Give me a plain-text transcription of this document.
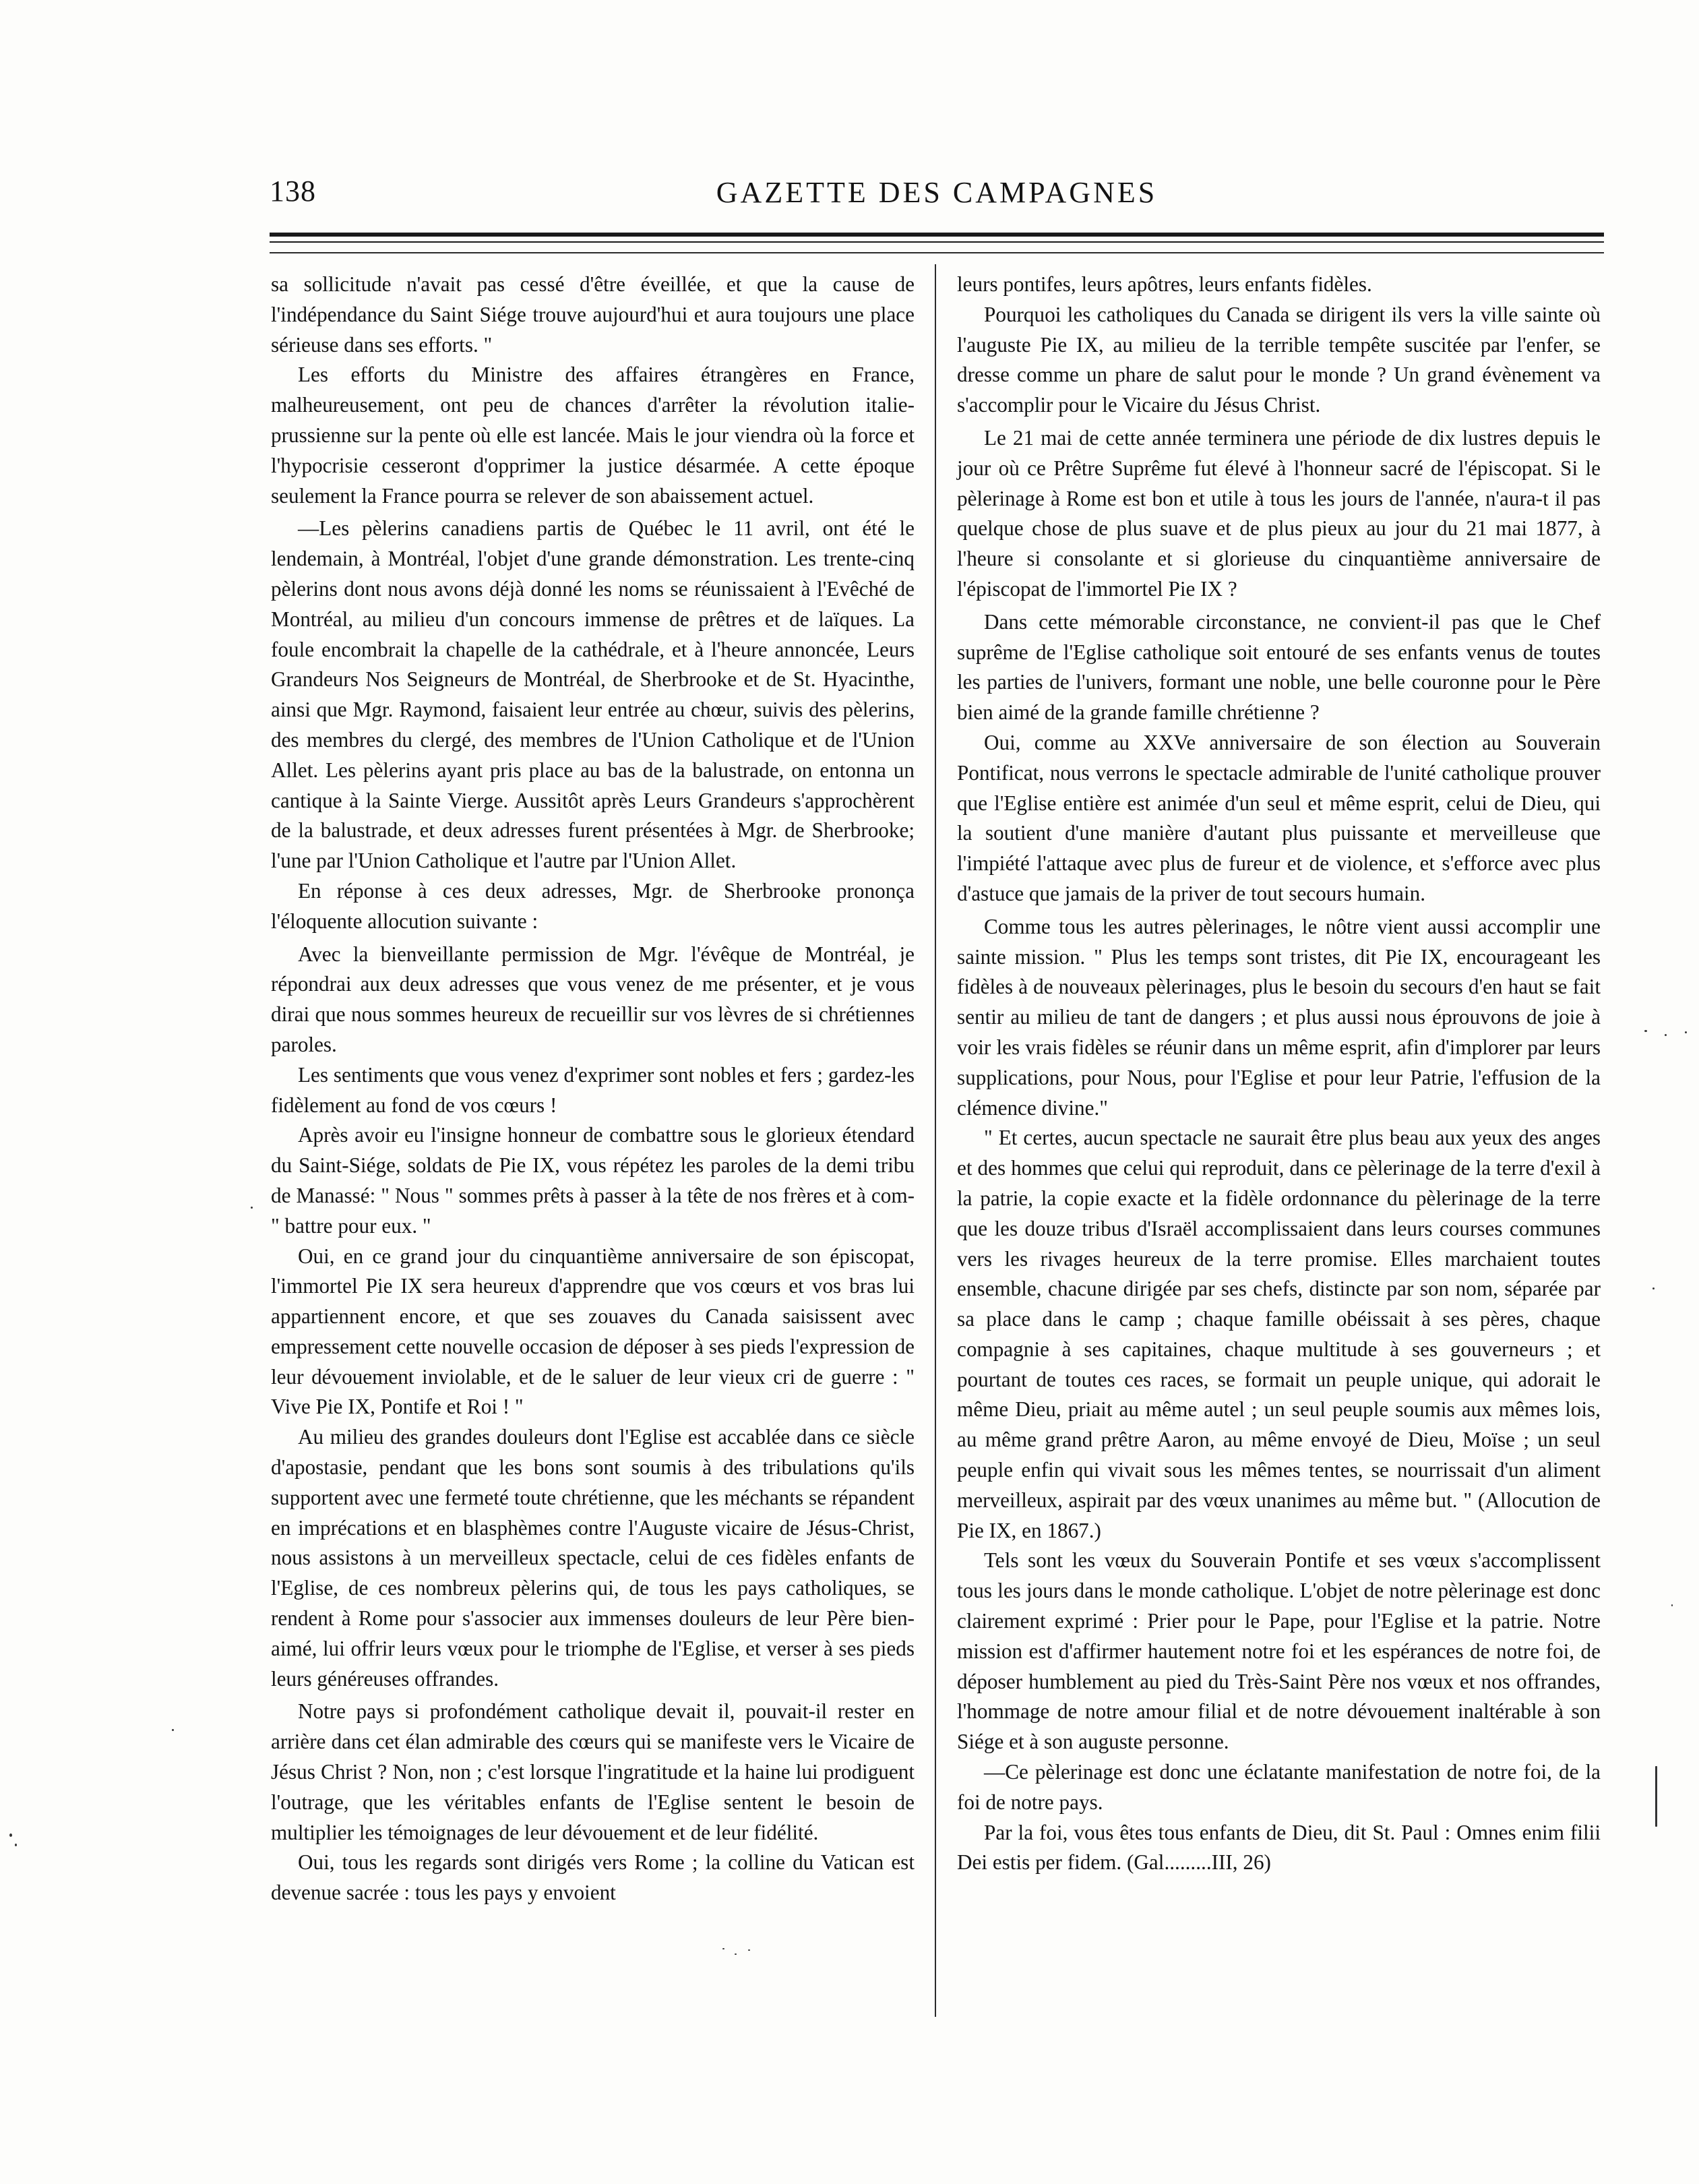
138	GAZETTE DES CAMPAGNES

sa sollicitude n'avait pas cessé d'être éveillée, et que la cause de l'indépendance du Saint Siége trouve aujourd'hui et aura toujours une place sérieuse dans ses efforts. "

Les efforts du Ministre des affaires étrangères en France, malheureusement, ont peu de chances d'arrêter la révolution italie-prussienne sur la pente où elle est lancée. Mais le jour viendra où la force et l'hypocrisie cesseront d'opprimer la justice désarmée. A cette époque seulement la France pourra se relever de son abaissement actuel.

—Les pèlerins canadiens partis de Québec le 11 avril, ont été le lendemain, à Montréal, l'objet d'une grande démonstration. Les trente-cinq pèlerins dont nous avons déjà donné les noms se réunissaient à l'Evêché de Montréal, au milieu d'un concours immense de prêtres et de laïques. La foule encombrait la chapelle de la cathédrale, et à l'heure annoncée, Leurs Grandeurs Nos Seigneurs de Montréal, de Sherbrooke et de St. Hyacinthe, ainsi que Mgr. Raymond, faisaient leur entrée au chœur, suivis des pèlerins, des membres du clergé, des membres de l'Union Catholique et de l'Union Allet. Les pèlerins ayant pris place au bas de la balustrade, on entonna un cantique à la Sainte Vierge. Aussitôt après Leurs Grandeurs s'approchèrent de la balustrade, et deux adresses furent présentées à Mgr. de Sherbrooke; l'une par l'Union Catholique et l'autre par l'Union Allet.

En réponse à ces deux adresses, Mgr. de Sherbrooke prononça l'éloquente allocution suivante :

Avec la bienveillante permission de Mgr. l'évêque de Montréal, je répondrai aux deux adresses que vous venez de me présenter, et je vous dirai que nous sommes heureux de recueillir sur vos lèvres de si chrétiennes paroles.

Les sentiments que vous venez d'exprimer sont nobles et fers ; gardez-les fidèlement au fond de vos cœurs !

Après avoir eu l'insigne honneur de combattre sous le glorieux étendard du Saint-Siége, soldats de Pie IX, vous répétez les paroles de la demi tribu de Manassé: " Nous " sommes prêts à passer à la tête de nos frères et à com-" battre pour eux. "

Oui, en ce grand jour du cinquantième anniversaire de son épiscopat, l'immortel Pie IX sera heureux d'apprendre que vos cœurs et vos bras lui appartiennent encore, et que ses zouaves du Canada saisissent avec empressement cette nouvelle occasion de déposer à ses pieds l'expression de leur dévouement inviolable, et de le saluer de leur vieux cri de guerre : " Vive Pie IX, Pontife et Roi ! "

Au milieu des grandes douleurs dont l'Eglise est accablée dans ce siècle d'apostasie, pendant que les bons sont soumis à des tribulations qu'ils supportent avec une fermeté toute chrétienne, que les méchants se répandent en imprécations et en blasphèmes contre l'Auguste vicaire de Jésus-Christ, nous assistons à un merveilleux spectacle, celui de ces fidèles enfants de l'Eglise, de ces nombreux pèlerins qui, de tous les pays catholiques, se rendent à Rome pour s'associer aux immenses douleurs de leur Père bien-aimé, lui offrir leurs vœux pour le triomphe de l'Eglise, et verser à ses pieds leurs généreuses offrandes.

Notre pays si profondément catholique devait il, pouvait-il rester en arrière dans cet élan admirable des cœurs qui se manifeste vers le Vicaire de Jésus Christ ? Non, non ; c'est lorsque l'ingratitude et la haine lui prodiguent l'outrage, que les véritables enfants de l'Eglise sentent le besoin de multiplier les témoignages de leur dévouement et de leur fidélité.

Oui, tous les regards sont dirigés vers Rome ; la colline du Vatican est devenue sacrée : tous les pays y envoient

leurs pontifes, leurs apôtres, leurs enfants fidèles.

Pourquoi les catholiques du Canada se dirigent ils vers la ville sainte où l'auguste Pie IX, au milieu de la terrible tempête suscitée par l'enfer, se dresse comme un phare de salut pour le monde ? Un grand évènement va s'accomplir pour le Vicaire du Jésus Christ.

Le 21 mai de cette année terminera une période de dix lustres depuis le jour où ce Prêtre Suprême fut élevé à l'honneur sacré de l'épiscopat. Si le pèlerinage à Rome est bon et utile à tous les jours de l'année, n'aura-t il pas quelque chose de plus suave et de plus pieux au jour du 21 mai 1877, à l'heure si consolante et si glorieuse du cinquantième anniversaire de l'épiscopat de l'immortel Pie IX ?

Dans cette mémorable circonstance, ne convient-il pas que le Chef suprême de l'Eglise catholique soit entouré de ses enfants venus de toutes les parties de l'univers, formant une noble, une belle couronne pour le Père bien aimé de la grande famille chrétienne ?

Oui, comme au XXVe anniversaire de son élection au Souverain Pontificat, nous verrons le spectacle admirable de l'unité catholique prouver que l'Eglise entière est animée d'un seul et même esprit, celui de Dieu, qui la soutient d'une manière d'autant plus puissante et merveilleuse que l'impiété l'attaque avec plus de fureur et de violence, et s'efforce avec plus d'astuce que jamais de la priver de tout secours humain.

Comme tous les autres pèlerinages, le nôtre vient aussi accomplir une sainte mission. " Plus les temps sont tristes, dit Pie IX, encourageant les fidèles à de nouveaux pèlerinages, plus le besoin du secours d'en haut se fait sentir au milieu de tant de dangers ; et plus aussi nous éprouvons de joie à voir les vrais fidèles se réunir dans un même esprit, afin d'implorer par leurs supplications, pour Nous, pour l'Eglise et pour leur Patrie, l'effusion de la clémence divine."

" Et certes, aucun spectacle ne saurait être plus beau aux yeux des anges et des hommes que celui qui reproduit, dans ce pèlerinage de la terre d'exil à la patrie, la copie exacte et la fidèle ordonnance du pèlerinage de la terre que les douze tribus d'Israël accomplissaient dans leurs courses communes vers les rivages heureux de la terre promise. Elles marchaient toutes ensemble, chacune dirigée par ses chefs, distincte par son nom, séparée par sa place dans le camp ; chaque famille obéissait à ses pères, chaque compagnie à ses capitaines, chaque multitude à ses gouverneurs ; et pourtant de toutes ces races, se formait un peuple unique, qui adorait le même Dieu, priait au même autel ; un seul peuple soumis aux mêmes lois, au même grand prêtre Aaron, au même envoyé de Dieu, Moïse ; un seul peuple enfin qui vivait sous les mêmes tentes, se nourrissait d'un aliment merveilleux, aspirait par des vœux unanimes au même but. " (Allocution de Pie IX, en 1867.)

Tels sont les vœux du Souverain Pontife et ses vœux s'accomplissent tous les jours dans le monde catholique. L'objet de notre pèlerinage est donc clairement exprimé : Prier pour le Pape, pour l'Eglise et la patrie. Notre mission est d'affirmer hautement notre foi et les espérances de notre foi, de déposer humblement au pied du Très-Saint Père nos vœux et nos offrandes, l'hommage de notre amour filial et de notre dévouement inaltérable à son Siége et à son auguste personne.

—Ce pèlerinage est donc une éclatante manifestation de notre foi, de la foi de notre pays.

Par la foi, vous êtes tous enfants de Dieu, dit St. Paul : Omnes enim filii Dei estis per fidem. (Gal.........III, 26)
